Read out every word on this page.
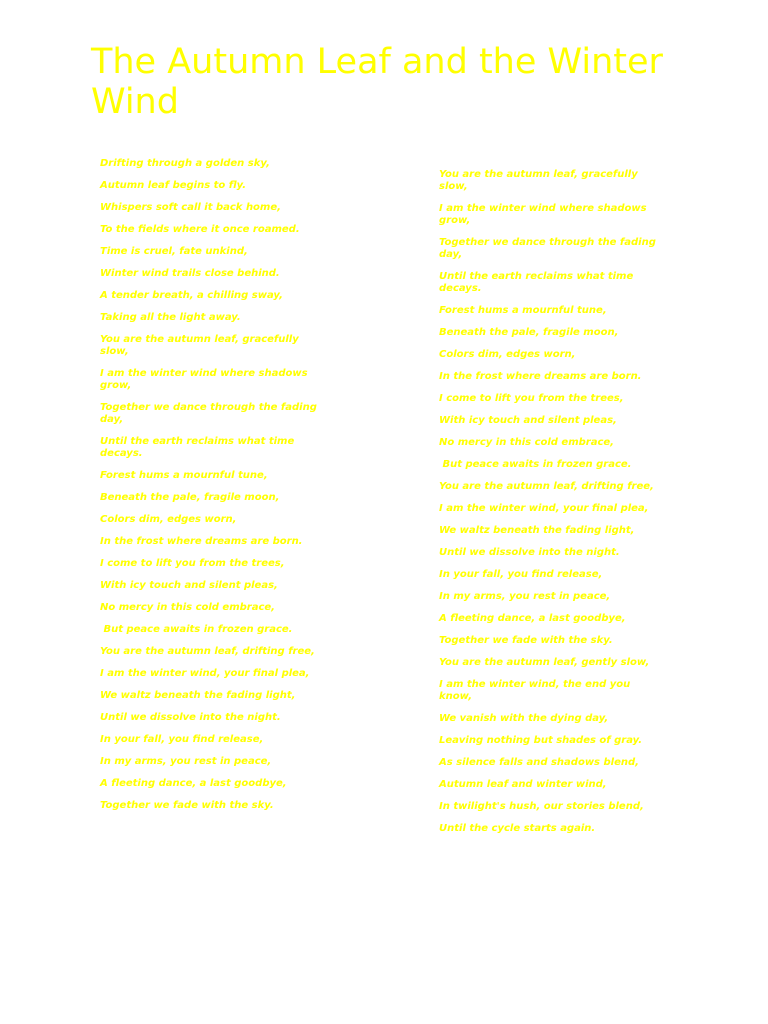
The Autumn Leaf and the Winter Wind

Drifting through a golden sky,

Autumn leaf begins to fly.

Whispers soft call it back home,

To the fields where it once roamed.

Time is cruel, fate unkind,

Winter wind trails close behind.

A tender breath, a chilling sway,

Taking all the light away.

You are the autumn leaf, gracefully slow,

I am the winter wind where shadows grow,

Together we dance through the fading day,

Until the earth reclaims what time decays.

Forest hums a mournful tune,

Beneath the pale, fragile moon,

Colors dim, edges worn,

In the frost where dreams are born.

I come to lift you from the trees,

With icy touch and silent pleas,

No mercy in this cold embrace,

But peace awaits in frozen grace.

You are the autumn leaf, drifting free,

I am the winter wind, your final plea,

We waltz beneath the fading light,

Until we dissolve into the night.

In your fall, you find release,

In my arms, you rest in peace,

A fleeting dance, a last goodbye,

Together we fade with the sky.

You are the autumn leaf, gracefully slow,

I am the winter wind where shadows grow,

Together we dance through the fading day,

Until the earth reclaims what time decays.

Forest hums a mournful tune,

Beneath the pale, fragile moon,

Colors dim, edges worn,

In the frost where dreams are born.

I come to lift you from the trees,

With icy touch and silent pleas,

No mercy in this cold embrace,

But peace awaits in frozen grace.

You are the autumn leaf, drifting free,

I am the winter wind, your final plea,

We waltz beneath the fading light,

Until we dissolve into the night.

In your fall, you find release,

In my arms, you rest in peace,

A fleeting dance, a last goodbye,

Together we fade with the sky.

You are the autumn leaf, gently slow,

I am the winter wind, the end you know,

We vanish with the dying day,

Leaving nothing but shades of gray.

As silence falls and shadows blend,

Autumn leaf and winter wind,

In twilight's hush, our stories blend,

Until the cycle starts again.
